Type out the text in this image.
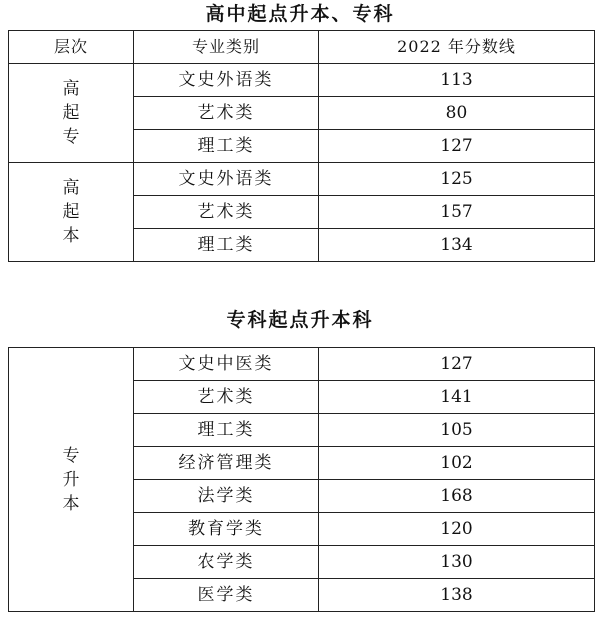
高中起点升本、专科
层次	专业类别	2022 年分数线

高
起
专	文史外语类	113
	艺术类	80
	理工类	127

高
起
本	文史外语类	125
	艺术类	157
	理工类	134
专科起点升本科
专
升
本	文史中医类	127
	艺术类	141
	理工类	105
	经济管理类	102
	法学类	168
	教育学类	120
	农学类	130
	医学类	138
